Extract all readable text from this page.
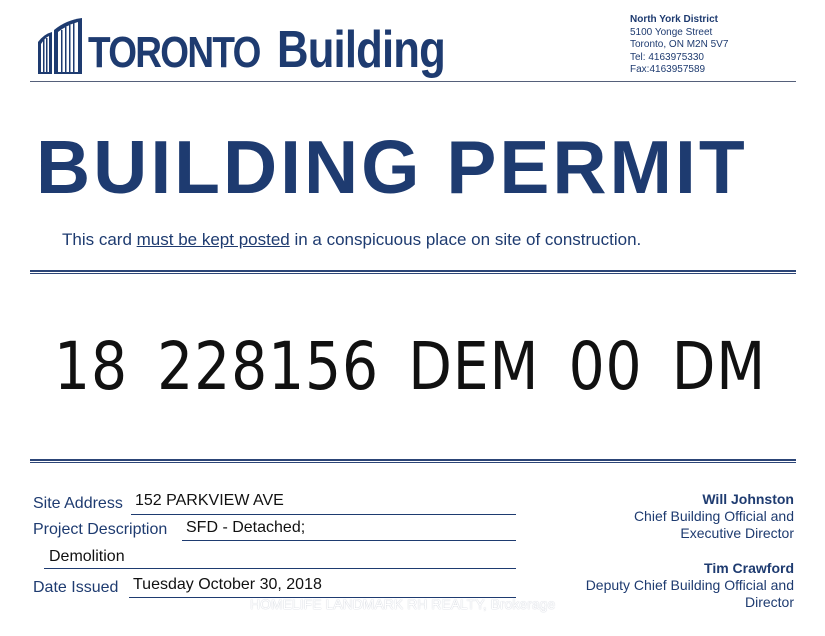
TORONTO Building
North York District
5100 Yonge Street
Toronto, ON M2N 5V7
Tel: 4163975330
Fax:4163957589
BUILDING PERMIT
This card must be kept posted in a conspicuous place on site of construction.
18 228156 DEM 00 DM
Site Address 152 PARKVIEW AVE
Project Description SFD - Detached;
Demolition
Date Issued Tuesday October 30, 2018
Will Johnston
Chief Building Official and
Executive Director
Tim Crawford
Deputy Chief Building Official and
Director
HOMELIFE LANDMARK RH REALTY, Brokerage
